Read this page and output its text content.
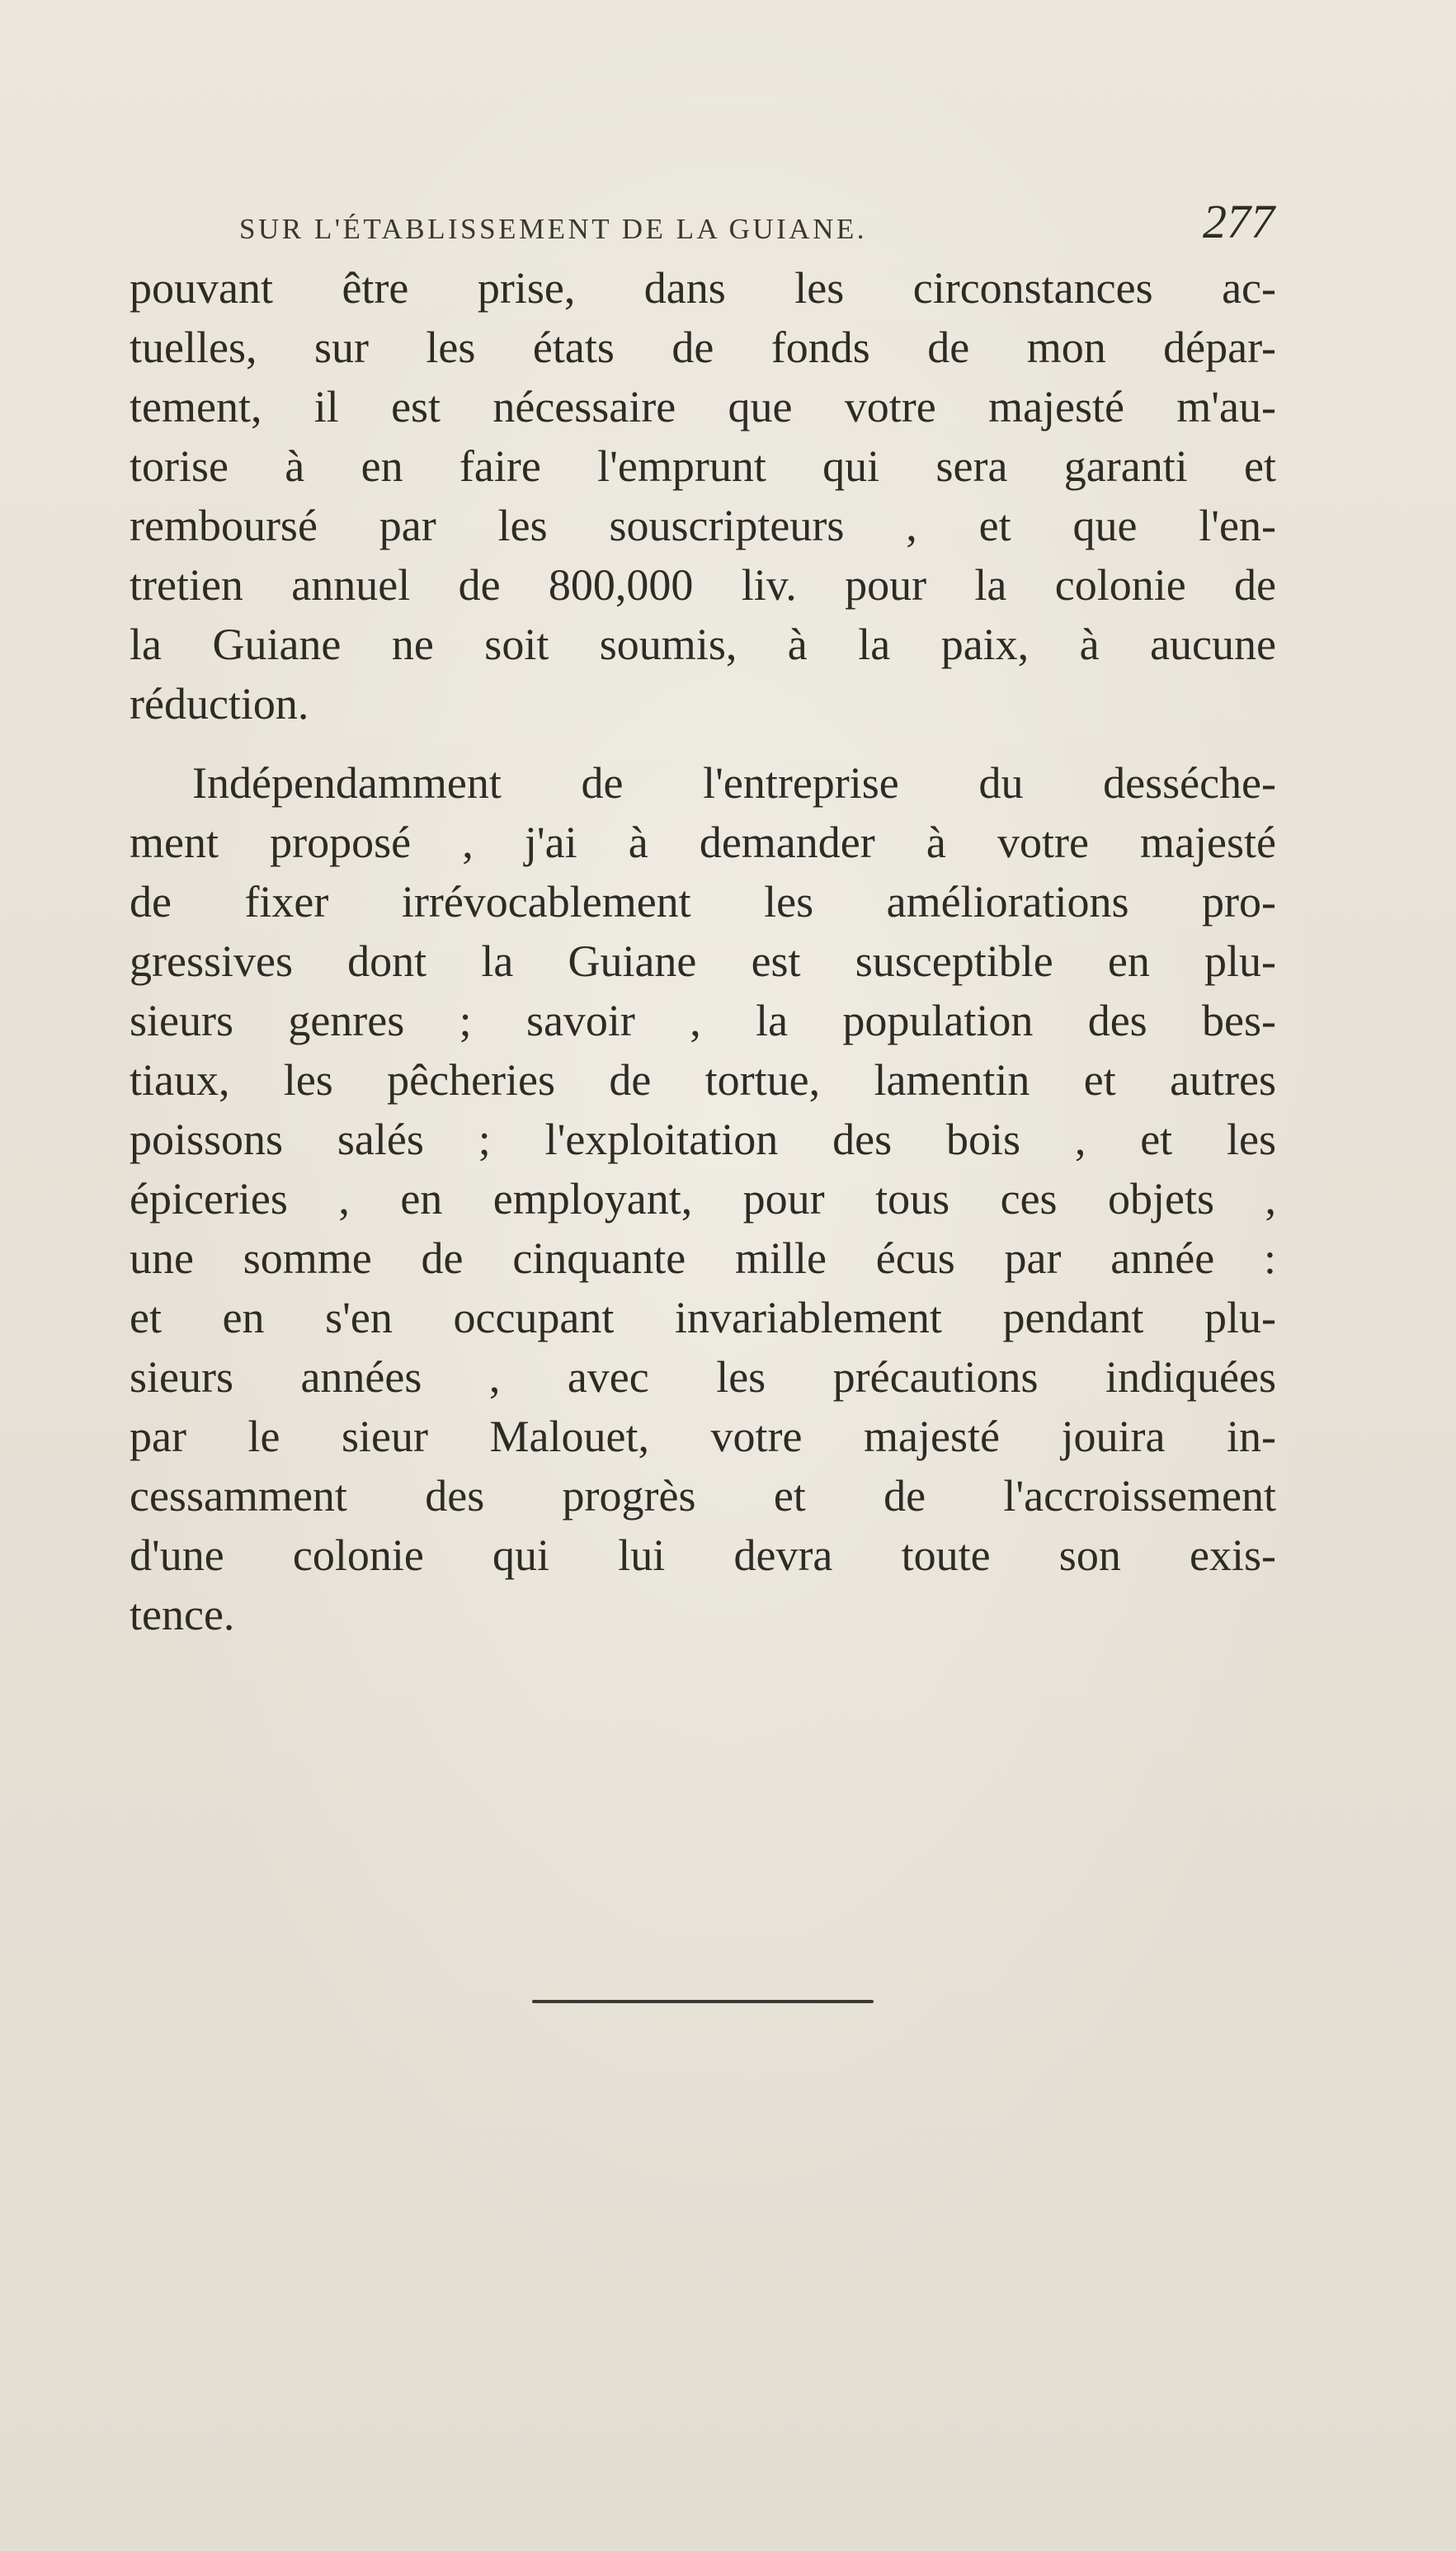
SUR L'ÉTABLISSEMENT DE LA GUIANE.	277
pouvant être prise, dans les circonstances ac-
tuelles, sur les états de fonds de mon dépar-
tement, il est nécessaire que votre majesté m'au-
torise à en faire l'emprunt qui sera garanti et
remboursé par les souscripteurs , et que l'en-
tretien annuel de 800,000 liv. pour la colonie de
la Guiane ne soit soumis, à la paix, à aucune
réduction.
Indépendamment de l'entreprise du desséche-
ment proposé , j'ai à demander à votre majesté
de fixer irrévocablement les améliorations pro-
gressives dont la Guiane est susceptible en plu-
sieurs genres ; savoir , la population des bes-
tiaux, les pêcheries de tortue, lamentin et autres
poissons salés ; l'exploitation des bois , et les
épiceries , en employant, pour tous ces objets ,
une somme de cinquante mille écus par année :
et en s'en occupant invariablement pendant plu-
sieurs années , avec les précautions indiquées
par le sieur Malouet, votre majesté jouira in-
cessamment des progrès et de l'accroissement
d'une colonie qui lui devra toute son exis-
tence.
